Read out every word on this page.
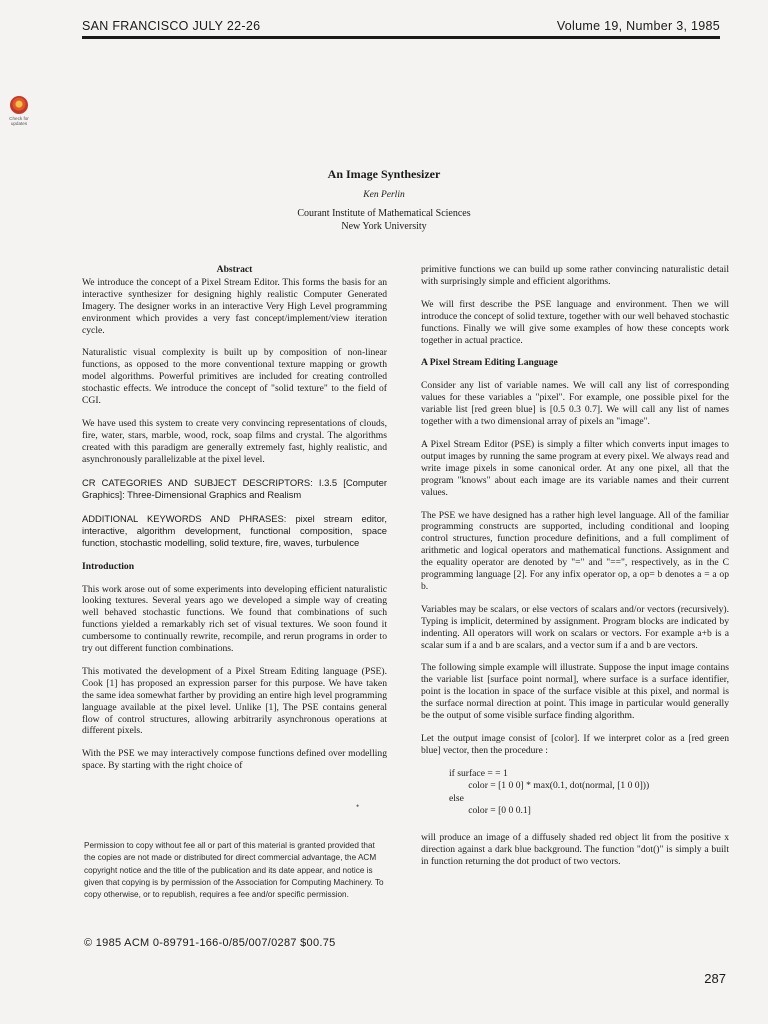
SAN FRANCISCO JULY 22-26	Volume 19, Number 3, 1985
Check for updates
An Image Synthesizer
Ken Perlin
Courant Institute of Mathematical Sciences
New York University
Abstract

We introduce the concept of a Pixel Stream Editor. This forms the basis for an interactive synthesizer for designing highly realistic Computer Generated Imagery. The designer works in an interactive Very High Level programming environment which provides a very fast concept/implement/view iteration cycle.

Naturalistic visual complexity is built up by composition of non-linear functions, as opposed to the more conventional texture mapping or growth model algorithms. Powerful primitives are included for creating controlled stochastic effects. We introduce the concept of "solid texture" to the field of CGI.

We have used this system to create very convincing representations of clouds, fire, water, stars, marble, wood, rock, soap films and crystal. The algorithms created with this paradigm are generally extremely fast, highly realistic, and asynchronously parallelizable at the pixel level.

CR CATEGORIES AND SUBJECT DESCRIPTORS: I.3.5 [Computer Graphics]: Three-Dimensional Graphics and Realism
ADDITIONAL KEYWORDS AND PHRASES: pixel stream editor, interactive, algorithm development, functional composition, space function, stochastic modelling, solid texture, fire, waves, turbulence
Introduction

This work arose out of some experiments into developing efficient naturalistic looking textures. Several years ago we developed a simple way of creating well behaved stochastic functions. We found that combinations of such functions yielded a remarkably rich set of visual textures. We soon found it cumbersome to continually rewrite, recompile, and rerun programs in order to try out different function combinations.

This motivated the development of a Pixel Stream Editing language (PSE). Cook [1] has proposed an expression parser for this purpose. We have taken the same idea somewhat farther by providing an entire high level programming language available at the pixel level. Unlike [1], The PSE contains general flow of control structures, allowing arbitrarily asynchronous operations at different pixels.

With the PSE we may interactively compose functions defined over modelling space. By starting with the right choice of

•
Permission to copy without fee all or part of this material is granted provided that the copies are not made or distributed for direct commercial advantage, the ACM copyright notice and the title of the publication and its date appear, and notice is given that copying is by permission of the Association for Computing Machinery. To copy otherwise, or to republish, requires a fee and/or specific permission.
© 1985 ACM 0-89791-166-0/85/007/0287 $00.75

primitive functions we can build up some rather convincing naturalistic detail with surprisingly simple and efficient algorithms.

We will first describe the PSE language and environment. Then we will introduce the concept of solid texture, together with our well behaved stochastic functions. Finally we will give some examples of how these concepts work together in actual practice.

A Pixel Stream Editing Language

Consider any list of variable names. We will call any list of corresponding values for these variables a "pixel". For example, one possible pixel for the variable list [red green blue] is [0.5 0.3 0.7]. We will call any list of names together with a two dimensional array of pixels an "image".

A Pixel Stream Editor (PSE) is simply a filter which converts input images to output images by running the same program at every pixel. We always read and write image pixels in some canonical order. At any one pixel, all that the program "knows" about each image are its variable names and their current values.

The PSE we have designed has a rather high level language. All of the familiar programming constructs are supported, including conditional and looping control structures, function procedure definitions, and a full compliment of arithmetic and logical operators and mathematical functions. Assignment and the equality operator are denoted by "=" and "==", respectively, as in the C programming language [2]. For any infix operator op, a op= b denotes a = a op b.

Variables may be scalars, or else vectors of scalars and/or vectors (recursively). Typing is implicit, determined by assignment. Program blocks are indicated by indenting. All operators will work on scalars or vectors. For example a+b is a scalar sum if a and b are scalars, and a vector sum if a and b are vectors.

The following simple example will illustrate. Suppose the input image contains the variable list [surface point normal], where surface is a surface identifier, point is the location in space of the surface visible at this pixel, and normal is the surface normal direction at point. This image in particular would generally be the output of some visible surface finding algorithm.

Let the output image consist of [color]. If we interpret color as a [red green blue] vector, then the procedure :

if surface = = 1
color = [1 0 0] * max(0.1, dot(normal, [1 0 0]))
else
color = [0 0 0.1]

will produce an image of a diffusely shaded red object lit from the positive x direction against a dark blue background. The function "dot()" is simply a built in function returning the dot product of two vectors.

287
